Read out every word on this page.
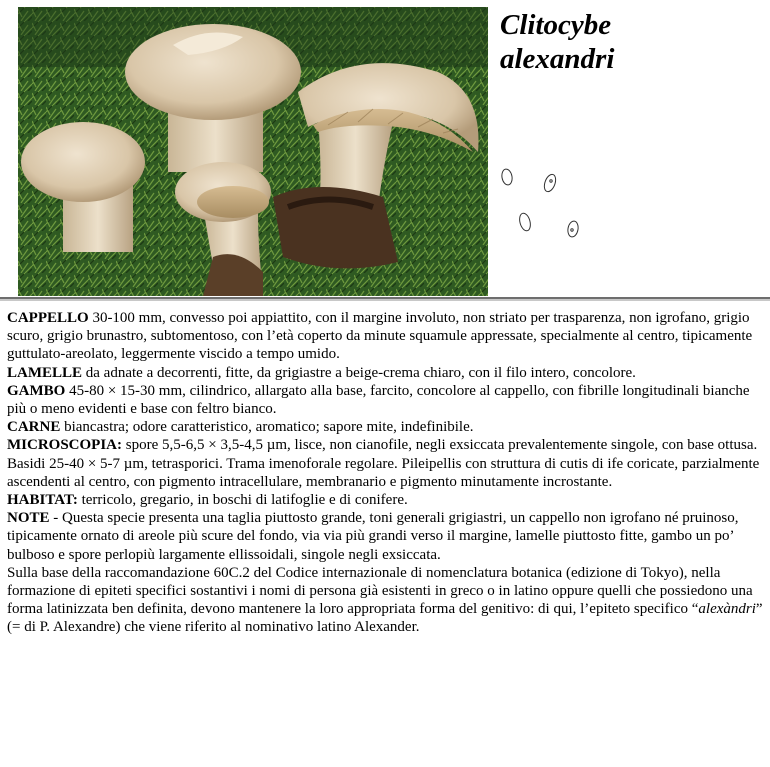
Clitocybe
alexandri

CAPPELLO 30-100 mm, convesso poi appiattito, con il margine involuto, non striato per trasparenza, non igrofano, grigio scuro, grigio brunastro, subtomentoso, con l’età coperto da minute squamule appressate, specialmente al centro, tipicamente guttulato-areolato, leggermente viscido a tempo umido.

LAMELLE da adnate a decorrenti, fitte, da grigiastre a beige-crema chiaro, con il filo intero, concolore.

GAMBO 45-80 × 15-30 mm, cilindrico, allargato alla base, farcito, concolore al cappello, con fibrille longitudinali bianche più o meno evidenti e base con feltro bianco.

CARNE biancastra; odore caratteristico, aromatico; sapore mite, indefinibile.

MICROSCOPIA: spore 5,5-6,5 × 3,5-4,5 µm, lisce, non cianofile, negli exsiccata prevalentemente singole, con base ottusa. Basidi 25-40 × 5-7 µm, tetrasporici. Trama imenoforale regolare. Pileipellis con struttura di cutis di ife coricate, parzialmente ascendenti al centro, con pigmento intracellulare, membranario e pigmento minutamente incrostante.

HABITAT: terricolo, gregario, in boschi di latifoglie e di conifere.

NOTE - Questa specie presenta una taglia piuttosto grande, toni generali grigiastri, un cappello non igrofano né pruinoso, tipicamente ornato di areole più scure del fondo, via via più grandi verso il margine, lamelle piuttosto fitte, gambo un po’ bulboso e spore perlopiù largamente ellissoidali, singole negli exsiccata.

Sulla base della raccomandazione 60C.2 del Codice internazionale di nomenclatura botanica (edizione di Tokyo), nella formazione di epiteti specifici sostantivi i nomi di persona già esistenti in greco o in latino oppure quelli che possiedono una forma latinizzata ben definita, devono mantenere la loro appropriata forma del genitivo: di qui, l’epiteto specifico “alexàndri” (= di P. Alexandre) che viene riferito al nominativo latino Alexander.
